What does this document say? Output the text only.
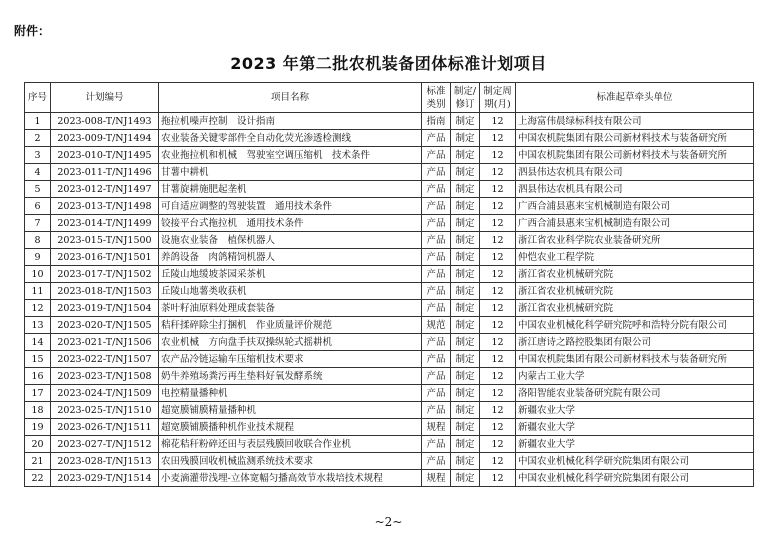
附件：
2023 年第二批农机装备团体标准计划项目
序号	计划编号	项目名称	标准类别	制定/修订	制定周期(月)	标准起草牵头单位
1	2023-008-T/NJ1493	拖拉机噪声控制　设计指南	指南	制定	12	上海富伟晨绿标科技有限公司
2	2023-009-T/NJ1494	农业装备关键零部件全自动化荧光渗透检测线	产品	制定	12	中国农机院集团有限公司新材料技术与装备研究所
3	2023-010-T/NJ1495	农业拖拉机和机械　驾驶室空调压缩机　技术条件	产品	制定	12	中国农机院集团有限公司新材料技术与装备研究所
4	2023-011-T/NJ1496	甘薯中耕机	产品	制定	12	泗县伟达农机具有限公司
5	2023-012-T/NJ1497	甘薯旋耕施肥起垄机	产品	制定	12	泗县伟达农机具有限公司
6	2023-013-T/NJ1498	可自适应调整的驾驶装置　通用技术条件	产品	制定	12	广西合浦县惠来宝机械制造有限公司
7	2023-014-T/NJ1499	铰接平台式拖拉机　通用技术条件	产品	制定	12	广西合浦县惠来宝机械制造有限公司
8	2023-015-T/NJ1500	设施农业装备　植保机器人	产品	制定	12	浙江省农业科学院农业装备研究所
9	2023-016-T/NJ1501	养鸽设备　肉鸽精饲机器人	产品	制定	12	仲恺农业工程学院
10	2023-017-T/NJ1502	丘陵山地缓坡茶园采茶机	产品	制定	12	浙江省农业机械研究院
11	2023-018-T/NJ1503	丘陵山地薯类收获机	产品	制定	12	浙江省农业机械研究院
12	2023-019-T/NJ1504	茶叶籽油原料处理成套装备	产品	制定	12	浙江省农业机械研究院
13	2023-020-T/NJ1505	秸秆揉碎除尘打捆机　作业质量评价规范	规范	制定	12	中国农业机械化科学研究院呼和浩特分院有限公司
14	2023-021-T/NJ1506	农业机械　方向盘手扶双操纵轮式摇耕机	产品	制定	12	浙江唐诗之路控股集团有限公司
15	2023-022-T/NJ1507	农产品冷链运输车压缩机技术要求	产品	制定	12	中国农机院集团有限公司新材料技术与装备研究所
16	2023-023-T/NJ1508	奶牛养殖场粪污再生垫料好氧发酵系统	产品	制定	12	内蒙古工业大学
17	2023-024-T/NJ1509	电控精量播种机	产品	制定	12	洛阳智能农业装备研究院有限公司
18	2023-025-T/NJ1510	超宽膜铺膜精量播种机	产品	制定	12	新疆农业大学
19	2023-026-T/NJ1511	超宽膜铺膜播种机作业技术规程	规程	制定	12	新疆农业大学
20	2023-027-T/NJ1512	棉花秸秆粉碎还田与表层残膜回收联合作业机	产品	制定	12	新疆农业大学
21	2023-028-T/NJ1513	农田残膜回收机械监测系统技术要求	产品	制定	12	中国农业机械化科学研究院集团有限公司
22	2023-029-T/NJ1514	小麦滴灌带浅埋-立体宽幅匀播高效节水栽培技术规程	规程	制定	12	中国农业机械化科学研究院集团有限公司
~2~
